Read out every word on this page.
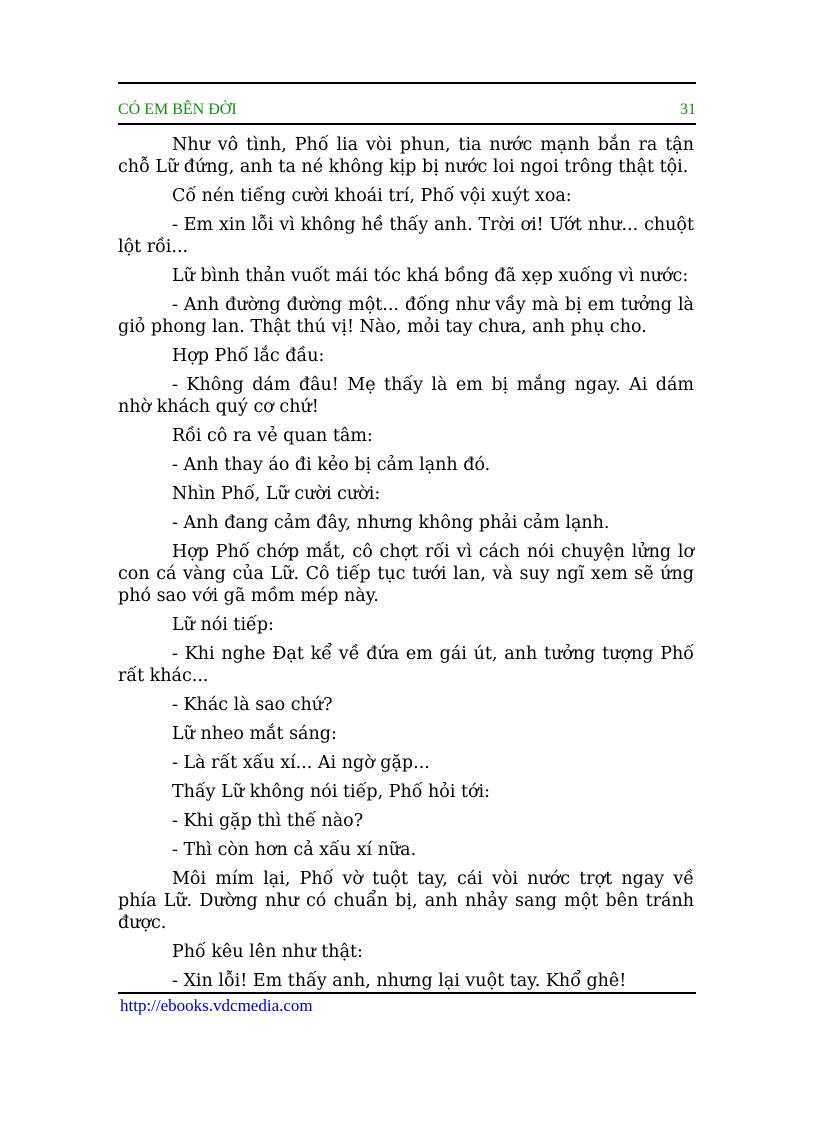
CÓ EM BÊN ĐỜI	31

Như vô tình, Phố lia vòi phun, tia nước mạnh bắn ra tận chỗ Lữ đứng, anh ta né không kịp bị nước loi ngoi trông thật tội.

Cố nén tiếng cười khoái trí, Phố vội xuýt xoa:

- Em xin lỗi vì không hề thấy anh. Trời ơi! Ướt như... chuột lột rồi...

Lữ bình thản vuốt mái tóc khá bồng đã xẹp xuống vì nước:

- Anh đường đường một... đống như vầy mà bị em tưởng là giỏ phong lan. Thật thú vị! Nào, mỏi tay chưa, anh phụ cho.

Hợp Phố lắc đầu:

- Không dám đâu! Mẹ thấy là em bị mắng ngay. Ai dám nhờ khách quý cơ chứ!

Rồi cô ra vẻ quan tâm:

- Anh thay áo đi kẻo bị cảm lạnh đó.

Nhìn Phố, Lữ cười cười:

- Anh đang cảm đây, nhưng không phải cảm lạnh.

Hợp Phố chớp mắt, cô chợt rối vì cách nói chuyện lửng lơ con cá vàng của Lữ. Cô tiếp tục tưới lan, và suy ngĩ xem sẽ ứng phó sao với gã mồm mép này.

Lữ nói tiếp:

- Khi nghe Đạt kể về đứa em gái út, anh tưởng tượng Phố rất khác...

- Khác là sao chứ?

Lữ nheo mắt sáng:

- Là rất xấu xí... Ai ngờ gặp...

Thấy Lữ không nói tiếp, Phố hỏi tới:

- Khi gặp thì thế nào?

- Thì còn hơn cả xấu xí nữa.

Môi mím lại, Phố vờ tuột tay, cái vòi nước trợt ngay về phía Lữ. Dường như có chuẩn bị, anh nhảy sang một bên tránh được.

Phố kêu lên như thật:

- Xin lỗi! Em thấy anh, nhưng lại vuột tay. Khổ ghê!

http://ebooks.vdcmedia.com
